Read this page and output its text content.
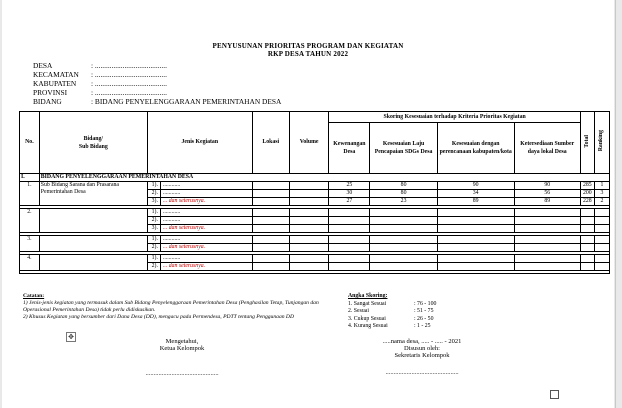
PENYUSUNAN PRIORITAS PROGRAM DAN KEGIATAN
RKP DESA TAHUN 2022
DESA	: .......................................
KECAMATAN : .......................................
KABUPATEN : .......................................
PROVINSI	: .......................................
BIDANG	: BIDANG PENYELENGGARAAN PEMERINTAHAN DESA
No.	Bidang/
Sub Bidang	Jenis Kegiatan	Lokasi	Volume	Skoring Kesesuaian terhadap Kriteria Prioritas Kegiatan				Total	Ranking
					Kewenangan Desa	Kesesuaian Laju Pencapaian SDGs Desa	Kesesuaian dengan perencanaan kabupaten/kota	Ketersediaan Sumber daya lokal Desa		
I.	BIDANG PENYELENGGARAAN PEMERINTAHAN DESA									
1.	Sub Bidang Sarana dan Prasarana Pemerintahan Desa	1). ............			25	80	90	90	285	1
		2). ............			30	80	34	56	200	3
		3). ... dan seterusnya.			27	23	89	89	228	2

2.		1). ............								
		2). ............								
		3). ... dan seterusnya.								

3.		1). ............								
		2). ... dan seterusnya.								

4.		1). ............								
		2). ... dan seterusnya.								

Catatan:
1) Jenis-jenis kegiatan yang termasuk dalam Sub Bidang Penyelenggaraan Pemerintahan Desa (Penghasilan Tetap, Tunjangan dan Operasional Pemerintahan Desa) tidak perlu didiskusikan.
2) Khusus Kegiatan yang bersumber dari Dana Desa (DD), mengacu pada Permendesa, PDTT tentang Penggunaan DD
Angka Skoring:
1. Sangat Sesuai	: 76 - 100
2. Sesuai	: 51 - 75
3. Cukup Sesuai	: 26 - 50
4. Kurang Sesuai	: 1 - 25
Mengetahui,
Ketua Kelompok
.............................................
.....nama desa, ..... - ..... - 2021
Disusun oleh:
Sekretaris Kelompok
.............................................
✥
